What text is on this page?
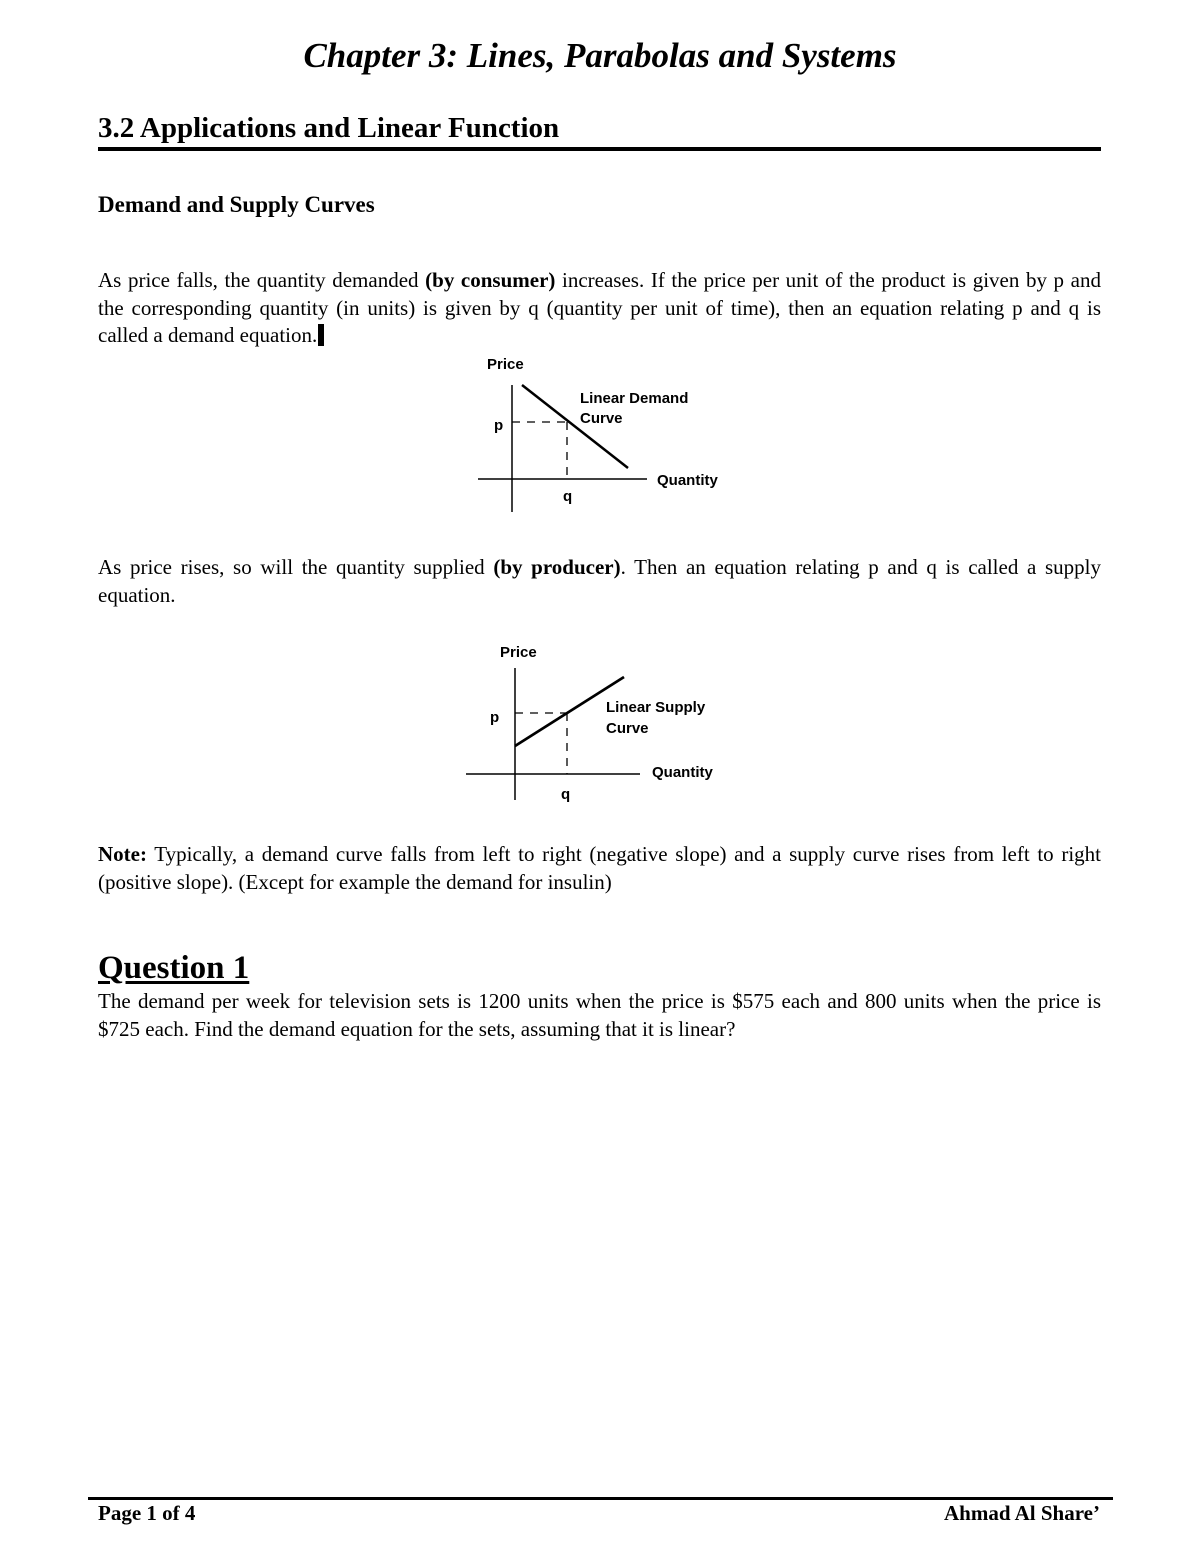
Chapter 3: Lines, Parabolas and Systems
3.2 Applications and Linear Function
Demand and Supply Curves
As price falls, the quantity demanded (by consumer) increases. If the price per unit of the product is given by p and the corresponding quantity (in units) is given by q (quantity per unit of time), then an equation relating p and q is called a demand equation.
Price
p
q
Linear Demand
Curve
Quantity
As price rises, so will the quantity supplied (by producer). Then an equation relating p and q is called a supply equation.
Price
p
q
Linear Supply
Curve
Quantity
Note: Typically, a demand curve falls from left to right (negative slope) and a supply curve rises from left to right (positive slope). (Except for example the demand for insulin)
Question 1
The demand per week for television sets is 1200 units when the price is $575 each and 800 units when the price is $725 each. Find the demand equation for the sets, assuming that it is linear?
Page 1 of 4	Ahmad Al Share’
